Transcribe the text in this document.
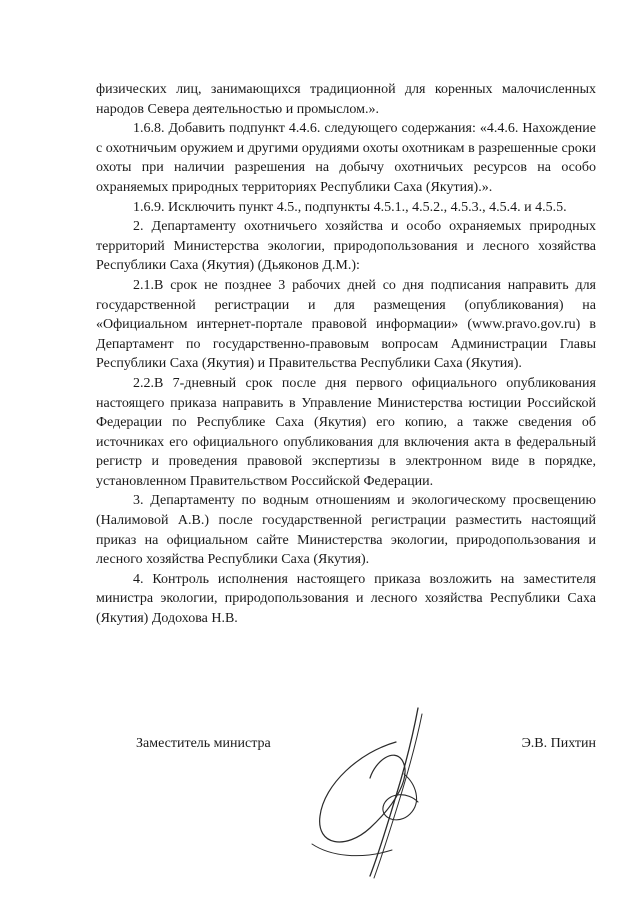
физических лиц, занимающихся традиционной для коренных малочисленных народов Севера деятельностью и промыслом.».

1.6.8. Добавить подпункт 4.4.6. следующего содержания: «4.4.6. Нахождение с охотничьим оружием и другими орудиями охоты охотникам в разрешенные сроки охоты при наличии разрешения на добычу охотничьих ресурсов на особо охраняемых природных территориях Республики Саха (Якутия).».

1.6.9. Исключить пункт 4.5., подпункты 4.5.1., 4.5.2., 4.5.3., 4.5.4. и 4.5.5.

2. Департаменту охотничьего хозяйства и особо охраняемых природных территорий Министерства экологии, природопользования и лесного хозяйства Республики Саха (Якутия) (Дьяконов Д.М.):

2.1.В срок не позднее 3 рабочих дней со дня подписания направить для государственной регистрации и для размещения (опубликования) на «Официальном интернет-портале правовой информации» (www.pravo.gov.ru) в Департамент по государственно-правовым вопросам Администрации Главы Республики Саха (Якутия) и Правительства Республики Саха (Якутия).

2.2.В 7-дневный срок после дня первого официального опубликования настоящего приказа направить в Управление Министерства юстиции Российской Федерации по Республике Саха (Якутия) его копию, а также сведения об источниках его официального опубликования для включения акта в федеральный регистр и проведения правовой экспертизы в электронном виде в порядке, установленном Правительством Российской Федерации.

3. Департаменту по водным отношениям и экологическому просвещению (Налимовой А.В.) после государственной регистрации разместить настоящий приказ на официальном сайте Министерства экологии, природопользования и лесного хозяйства Республики Саха (Якутия).

4. Контроль исполнения настоящего приказа возложить на заместителя министра экологии, природопользования и лесного хозяйства Республики Саха (Якутия) Додохова Н.В.

Заместитель министра	Э.В. Пихтин
